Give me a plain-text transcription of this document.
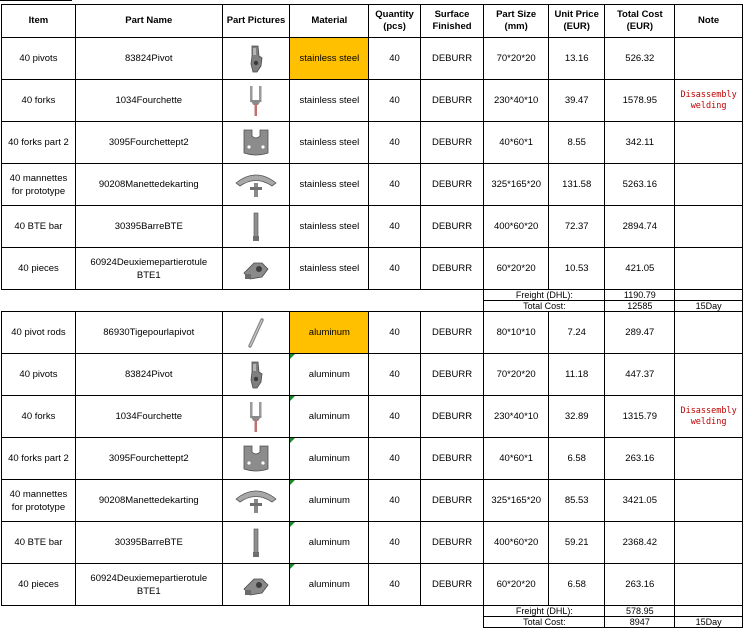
Item	Part Name	Part Pictures	Material	Quantity (pcs)	Surface Finished	Part Size (mm)	Unit Price (EUR)	Total Cost (EUR)	Note
40 pivots	83824Pivot		stainless steel	40	DEBURR	70*20*20	13.16	526.32	
40 forks	1034Fourchette		stainless steel	40	DEBURR	230*40*10	39.47	1578.95	Disassembly welding
40 forks part 2	3095Fourchettept2		stainless steel	40	DEBURR	40*60*1	8.55	342.11	
40 mannettes for prototype	90208Manettedekarting		stainless steel	40	DEBURR	325*165*20	131.58	5263.16	
40 BTE bar	30395BarreBTE		stainless steel	40	DEBURR	400*60*20	72.37	2894.74	
40 pieces	60924Deuxiemepartierotule BTE1		stainless steel	40	DEBURR	60*20*20	10.53	421.05	
						Freight (DHL):		1190.79	
						Total Cost:		12585	15Day
40 pivot rods	86930Tigepourlapivot		aluminum	40	DEBURR	80*10*10	7.24	289.47	
40 pivots	83824Pivot		aluminum	40	DEBURR	70*20*20	11.18	447.37	
40 forks	1034Fourchette		aluminum	40	DEBURR	230*40*10	32.89	1315.79	Disassembly welding
40 forks part 2	3095Fourchettept2		aluminum	40	DEBURR	40*60*1	6.58	263.16	
40 mannettes for prototype	90208Manettedekarting		aluminum	40	DEBURR	325*165*20	85.53	3421.05	
40 BTE bar	30395BarreBTE		aluminum	40	DEBURR	400*60*20	59.21	2368.42	
40 pieces	60924Deuxiemepartierotule BTE1		aluminum	40	DEBURR	60*20*20	6.58	263.16	
						Freight (DHL):		578.95	
						Total Cost:		8947	15Day
